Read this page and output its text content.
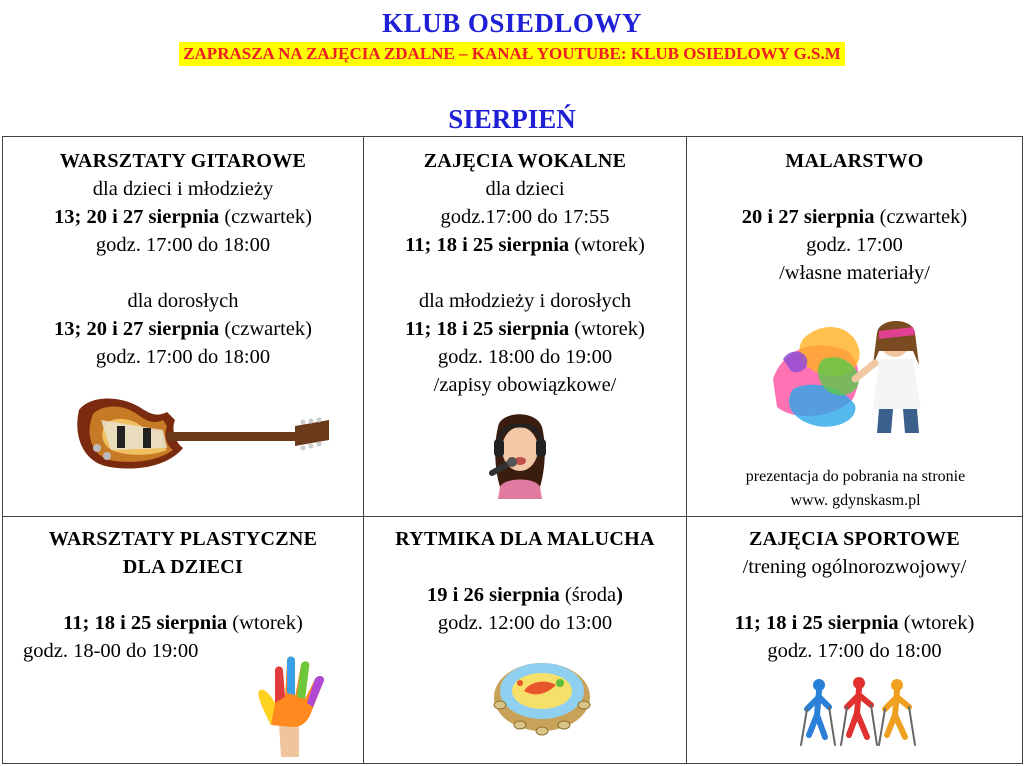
KLUB OSIEDLOWY
ZAPRASZA NA ZAJĘCIA ZDALNE – KANAŁ YOUTUBE: KLUB OSIEDLOWY G.S.M
SIERPIEŃ
WARSZTATY GITAROWE
dla dzieci i młodzieży
13; 20 i 27 sierpnia (czwartek)
godz. 17:00 do 18:00
dla dorosłych
13; 20 i 27 sierpnia (czwartek)
godz. 17:00 do 18:00
ZAJĘCIA WOKALNE
dla dzieci
godz.17:00 do 17:55
11; 18 i 25 sierpnia (wtorek)
dla młodzieży i dorosłych
11; 18 i 25 sierpnia (wtorek)
godz. 18:00 do 19:00
/zapisy obowiązkowe/
MALARSTWO
20 i 27 sierpnia (czwartek)
godz. 17:00
/własne materiały/
prezentacja do pobrania na stronie
www. gdynskasm.pl
WARSZTATY PLASTYCZNE
DLA DZIECI
11; 18 i 25 sierpnia (wtorek)
godz. 18-00 do 19:00
RYTMIKA DLA MALUCHA
19 i 26 sierpnia (środa)
godz. 12:00 do 13:00
ZAJĘCIA SPORTOWE
/trening ogólnorozwojowy/
11; 18 i 25 sierpnia (wtorek)
godz. 17:00 do 18:00
